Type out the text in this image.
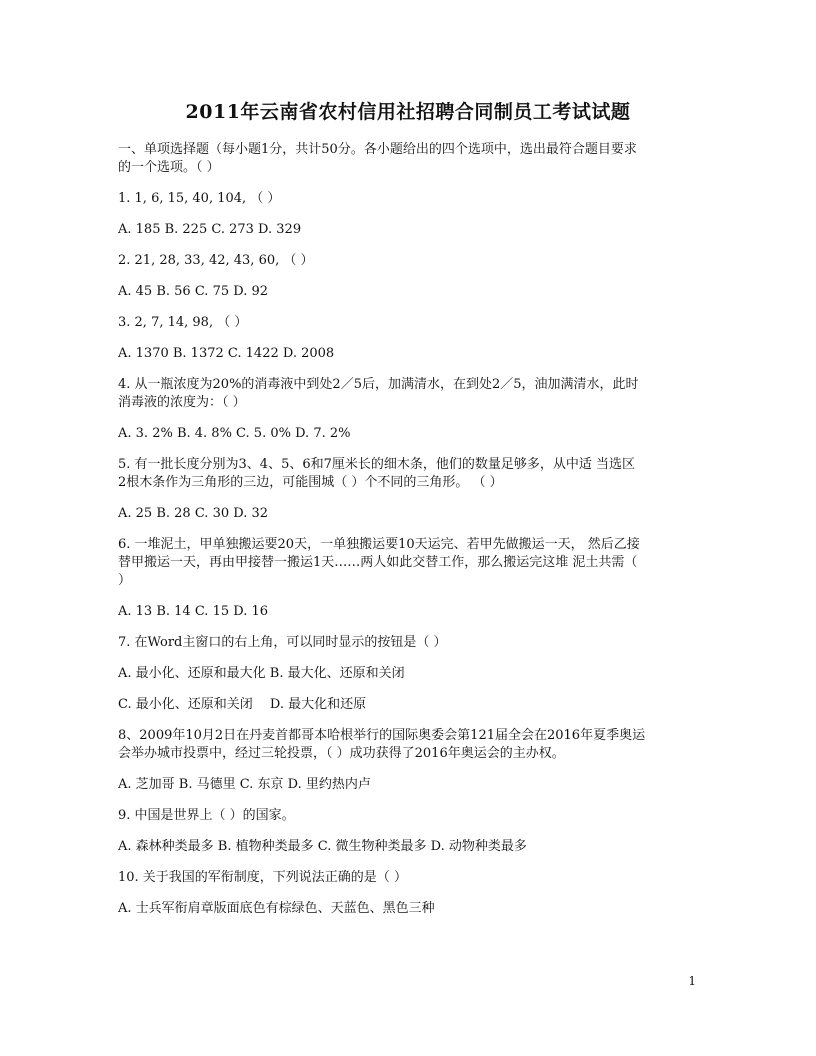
2011年云南省农村信用社招聘合同制员工考试试题
一、单项选择题（每小题1分，共计50分。各小题给出的四个选项中，选出最符合题目要求
的一个选项。（ ）
1. 1, 6, 15, 40, 104, （ ）
A. 185 B. 225 C. 273 D. 329
2. 21, 28, 33, 42, 43, 60, （ ）
A. 45 B. 56 C. 75 D. 92
3. 2, 7, 14, 98, （ ）
A. 1370 B. 1372 C. 1422 D. 2008
4. 从一瓶浓度为20%的消毒液中到处2／5后，加满清水，在到处2／5，油加满清水，此时
消毒液的浓度为：（ ）
A. 3. 2% B. 4. 8% C. 5. 0% D. 7. 2%
5. 有一批长度分别为3、4、5、6和7厘米长的细木条，他们的数量足够多，从中适 当选区
2根木条作为三角形的三边，可能围城（ ）个不同的三角形。 （ ）
A. 25 B. 28 C. 30 D. 32
6. 一堆泥土，甲单独搬运要20天，一单独搬运要10天运完、若甲先做搬运一天， 然后乙接
替甲搬运一天，再由甲接替一搬运1天……两人如此交替工作，那么搬运完这堆 泥土共需（
）
A. 13 B. 14 C. 15 D. 16
7. 在Word主窗口的右上角，可以同时显示的按钮是（ ）
A. 最小化、还原和最大化 B. 最大化、还原和关闭
C. 最小化、还原和关闭　 D. 最大化和还原
8、2009年10月2日在丹麦首都哥本哈根举行的国际奥委会第121届全会在2016年夏季奥运
会举办城市投票中，经过三轮投票，（ ）成功获得了2016年奥运会的主办权。
A. 芝加哥 B. 马德里 C. 东京 D. 里约热内卢
9. 中国是世界上（ ）的国家。
A. 森林种类最多 B. 植物种类最多 C. 微生物种类最多 D. 动物种类最多
10. 关于我国的军衔制度，下列说法正确的是（ ）
A. 士兵军衔肩章版面底色有棕绿色、天蓝色、黑色三种
1
